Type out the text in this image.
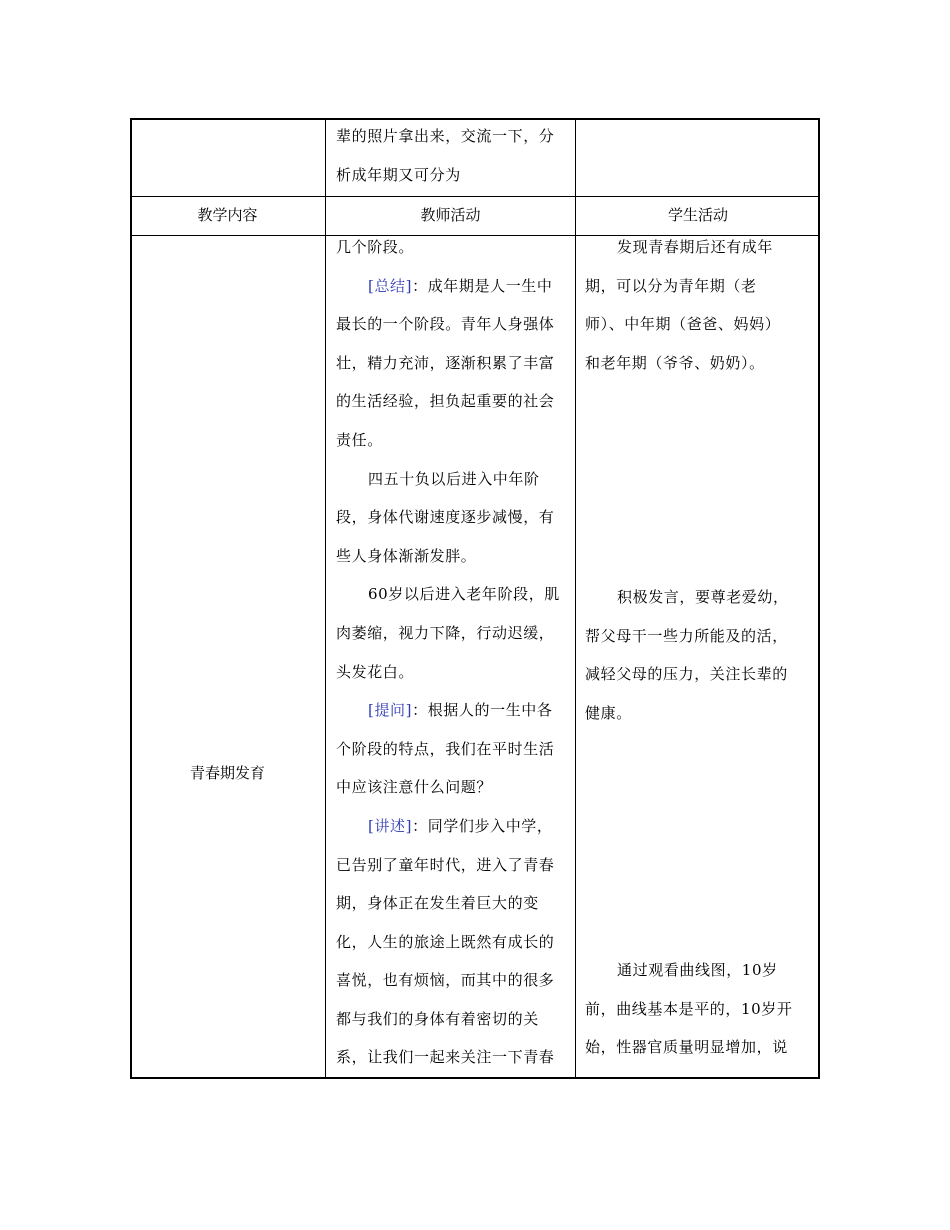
辈的照片拿出来，交流一下，分

析成年期又可分为

教学内容	教师活动	学生活动
青春期发育

几个阶段。

[总结]：成年期是人一生中

最长的一个阶段。青年人身强体

壮，精力充沛，逐渐积累了丰富

的生活经验，担负起重要的社会

责任。

四五十负以后进入中年阶

段，身体代谢速度逐步减慢，有

些人身体渐渐发胖。

60岁以后进入老年阶段，肌

肉萎缩，视力下降，行动迟缓，

头发花白。

[提问]：根据人的一生中各

个阶段的特点，我们在平时生活

中应该注意什么问题？

[讲述]：同学们步入中学，

已告别了童年时代，进入了青春

期，身体正在发生着巨大的变

化，人生的旅途上既然有成长的

喜悦，也有烦恼，而其中的很多

都与我们的身体有着密切的关

系，让我们一起来关注一下青春

发现青春期后还有成年

期，可以分为青年期（老

师）、中年期（爸爸、妈妈）

和老年期（爷爷、奶奶）。

积极发言，要尊老爱幼，

帮父母干一些力所能及的活，

减轻父母的压力，关注长辈的

健康。

通过观看曲线图，10岁

前，曲线基本是平的，10岁开

始，性器官质量明显增加，说
